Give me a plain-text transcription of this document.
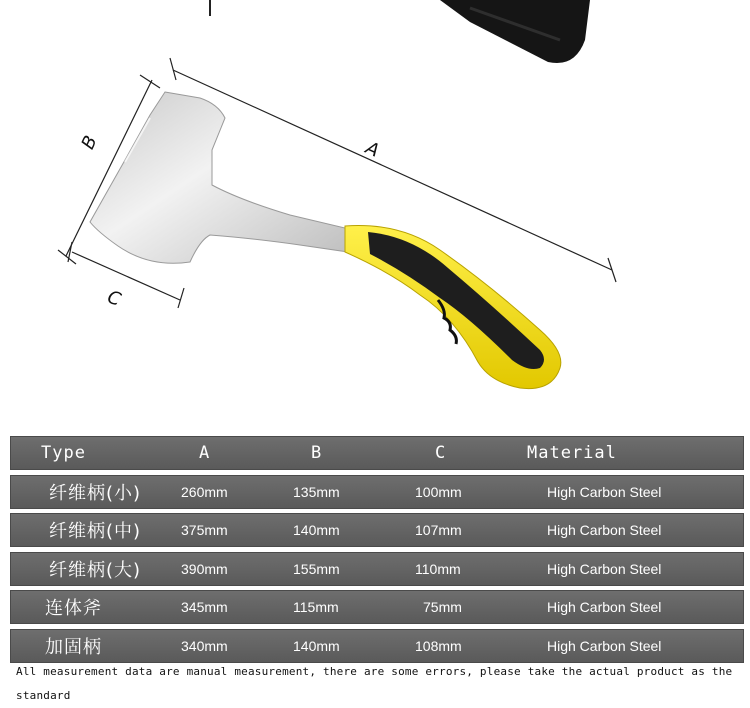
A
B
C
Type	A	B	C	Material
纤维柄(小)	260mm	135mm	100mm	High Carbon Steel
纤维柄(中)	375mm	140mm	107mm	High Carbon Steel
纤维柄(大)	390mm	155mm	110mm	High Carbon Steel
连体斧	345mm	115mm	75mm	High Carbon Steel
加固柄	340mm	140mm	108mm	High Carbon Steel
All measurement data are manual measurement, there are some errors, please take the actual product as the standard
